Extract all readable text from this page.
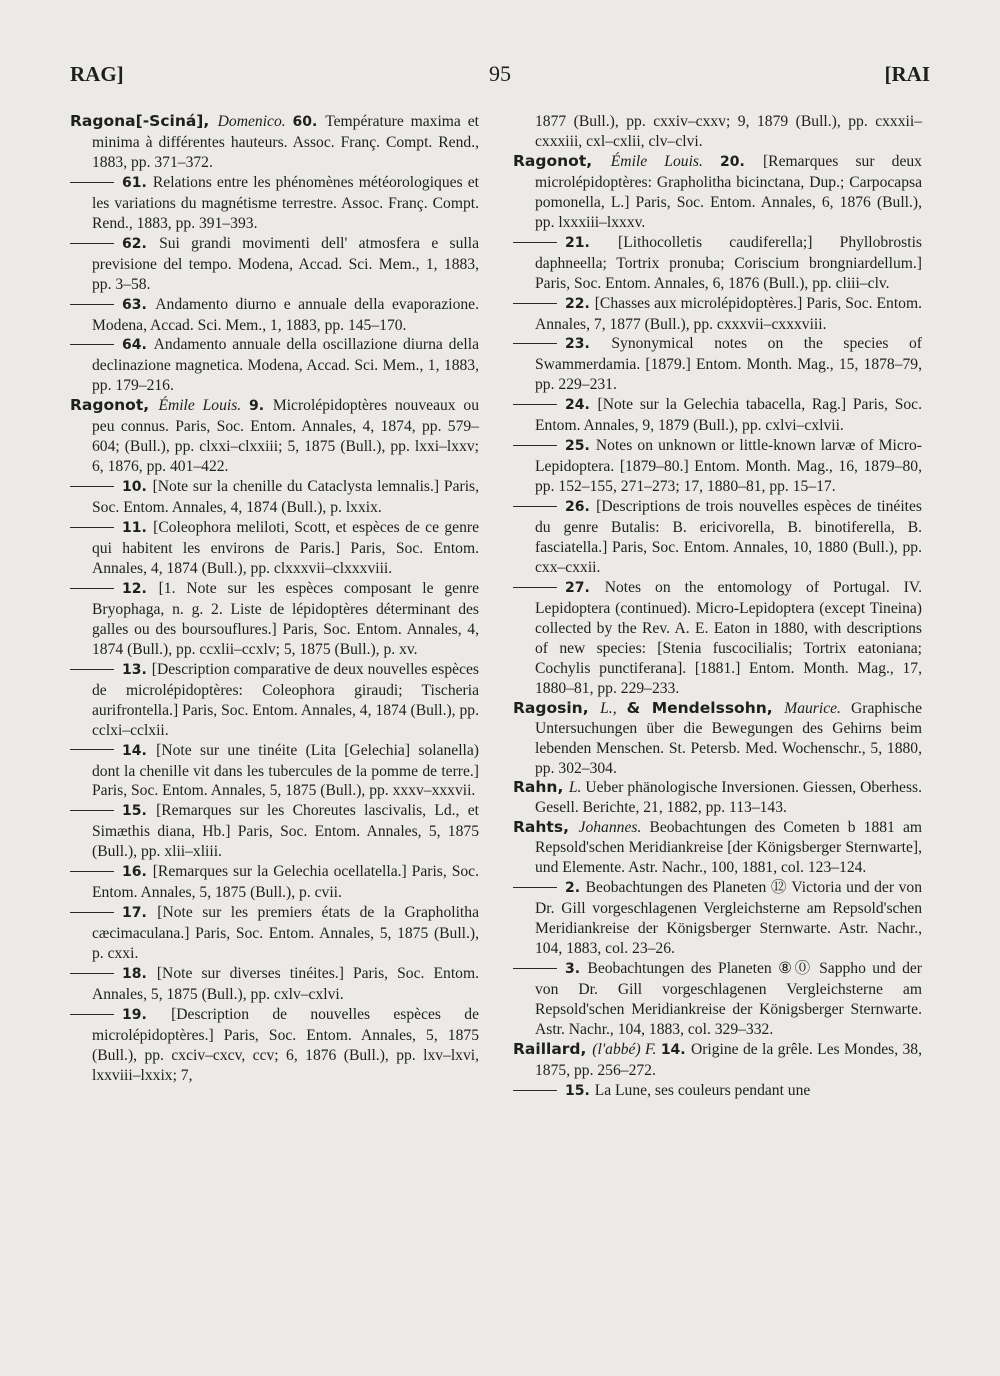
RAG]	95	[RAI

Ragona[-Sciná], Domenico. 60. Température maxima et minima à différentes hauteurs. Assoc. Franç. Compt. Rend., 1883, pp. 371–372.

61. Relations entre les phénomènes météorologiques et les variations du magnétisme terrestre. Assoc. Franç. Compt. Rend., 1883, pp. 391–393.

62. Sui grandi movimenti dell' atmosfera e sulla previsione del tempo. Modena, Accad. Sci. Mem., 1, 1883, pp. 3–58.

63. Andamento diurno e annuale della evaporazione. Modena, Accad. Sci. Mem., 1, 1883, pp. 145–170.

64. Andamento annuale della oscillazione diurna della declinazione magnetica. Modena, Accad. Sci. Mem., 1, 1883, pp. 179–216.

Ragonot, Émile Louis. 9. Microlépidoptères nouveaux ou peu connus. Paris, Soc. Entom. Annales, 4, 1874, pp. 579–604; (Bull.), pp. clxxi–clxxiii; 5, 1875 (Bull.), pp. lxxi–lxxv; 6, 1876, pp. 401–422.

10. [Note sur la chenille du Cataclysta lemnalis.] Paris, Soc. Entom. Annales, 4, 1874 (Bull.), p. lxxix.

11. [Coleophora meliloti, Scott, et espèces de ce genre qui habitent les environs de Paris.] Paris, Soc. Entom. Annales, 4, 1874 (Bull.), pp. clxxxvii–clxxxviii.

12. [1. Note sur les espèces composant le genre Bryophaga, n. g. 2. Liste de lépidoptères déterminant des galles ou des boursouflures.] Paris, Soc. Entom. Annales, 4, 1874 (Bull.), pp. ccxlii–ccxlv; 5, 1875 (Bull.), p. xv.

13. [Description comparative de deux nouvelles espèces de microlépidoptères: Coleophora giraudi; Tischeria aurifrontella.] Paris, Soc. Entom. Annales, 4, 1874 (Bull.), pp. cclxi–cclxii.

14. [Note sur une tinéite (Lita [Gelechia] solanella) dont la chenille vit dans les tubercules de la pomme de terre.] Paris, Soc. Entom. Annales, 5, 1875 (Bull.), pp. xxxv–xxxvii.

15. [Remarques sur les Choreutes lascivalis, Ld., et Simæthis diana, Hb.] Paris, Soc. Entom. Annales, 5, 1875 (Bull.), pp. xlii–xliii.

16. [Remarques sur la Gelechia ocellatella.] Paris, Soc. Entom. Annales, 5, 1875 (Bull.), p. cvii.

17. [Note sur les premiers états de la Grapholitha cæcimaculana.] Paris, Soc. Entom. Annales, 5, 1875 (Bull.), p. cxxi.

18. [Note sur diverses tinéites.] Paris, Soc. Entom. Annales, 5, 1875 (Bull.), pp. cxlv–cxlvi.

19. [Description de nouvelles espèces de microlépidoptères.] Paris, Soc. Entom. Annales, 5, 1875 (Bull.), pp. cxciv–cxcv, ccv; 6, 1876 (Bull.), pp. lxv–lxvi, lxxviii–lxxix; 7,

1877 (Bull.), pp. cxxiv–cxxv; 9, 1879 (Bull.), pp. cxxxii–cxxxiii, cxl–cxlii, clv–clvi.

Ragonot, Émile Louis. 20. [Remarques sur deux microlépidoptères: Grapholitha bicinctana, Dup.; Carpocapsa pomonella, L.] Paris, Soc. Entom. Annales, 6, 1876 (Bull.), pp. lxxxiii–lxxxv.

21. [Lithocolletis caudiferella;] Phyllobrostis daphneella; Tortrix pronuba; Coriscium brongniardellum.] Paris, Soc. Entom. Annales, 6, 1876 (Bull.), pp. cliii–clv.

22. [Chasses aux microlépidoptères.] Paris, Soc. Entom. Annales, 7, 1877 (Bull.), pp. cxxxvii–cxxxviii.

23. Synonymical notes on the species of Swammerdamia. [1879.] Entom. Month. Mag., 15, 1878–79, pp. 229–231.

24. [Note sur la Gelechia tabacella, Rag.] Paris, Soc. Entom. Annales, 9, 1879 (Bull.), pp. cxlvi–cxlvii.

25. Notes on unknown or little-known larvæ of Micro-Lepidoptera. [1879–80.] Entom. Month. Mag., 16, 1879–80, pp. 152–155, 271–273; 17, 1880–81, pp. 15–17.

26. [Descriptions de trois nouvelles espèces de tinéites du genre Butalis: B. ericivorella, B. binotiferella, B. fasciatella.] Paris, Soc. Entom. Annales, 10, 1880 (Bull.), pp. cxx–cxxii.

27. Notes on the entomology of Portugal. IV. Lepidoptera (continued). Micro-Lepidoptera (except Tineina) collected by the Rev. A. E. Eaton in 1880, with descriptions of new species: [Stenia fuscocilialis; Tortrix eatoniana; Cochylis punctiferana]. [1881.] Entom. Month. Mag., 17, 1880–81, pp. 229–233.

Ragosin, L., & Mendelssohn, Maurice. Graphische Untersuchungen über die Bewegungen des Gehirns beim lebenden Menschen. St. Petersb. Med. Wochenschr., 5, 1880, pp. 302–304.

Rahn, L. Ueber phänologische Inversionen. Giessen, Oberhess. Gesell. Berichte, 21, 1882, pp. 113–143.

Rahts, Johannes. Beobachtungen des Cometen b 1881 am Repsold'schen Meridiankreise [der Königsberger Sternwarte], und Elemente. Astr. Nachr., 100, 1881, col. 123–124.

2. Beobachtungen des Planeten ⑫ Victoria und der von Dr. Gill vorgeschlagenen Vergleichsterne am Repsold'schen Meridiankreise der Königsberger Sternwarte. Astr. Nachr., 104, 1883, col. 23–26.

3. Beobachtungen des Planeten ⑧⓪ Sappho und der von Dr. Gill vorgeschlagenen Vergleichsterne am Repsold'schen Meridiankreise der Königsberger Sternwarte. Astr. Nachr., 104, 1883, col. 329–332.

Raillard, (l'abbé) F. 14. Origine de la grêle. Les Mondes, 38, 1875, pp. 256–272.

15. La Lune, ses couleurs pendant une
